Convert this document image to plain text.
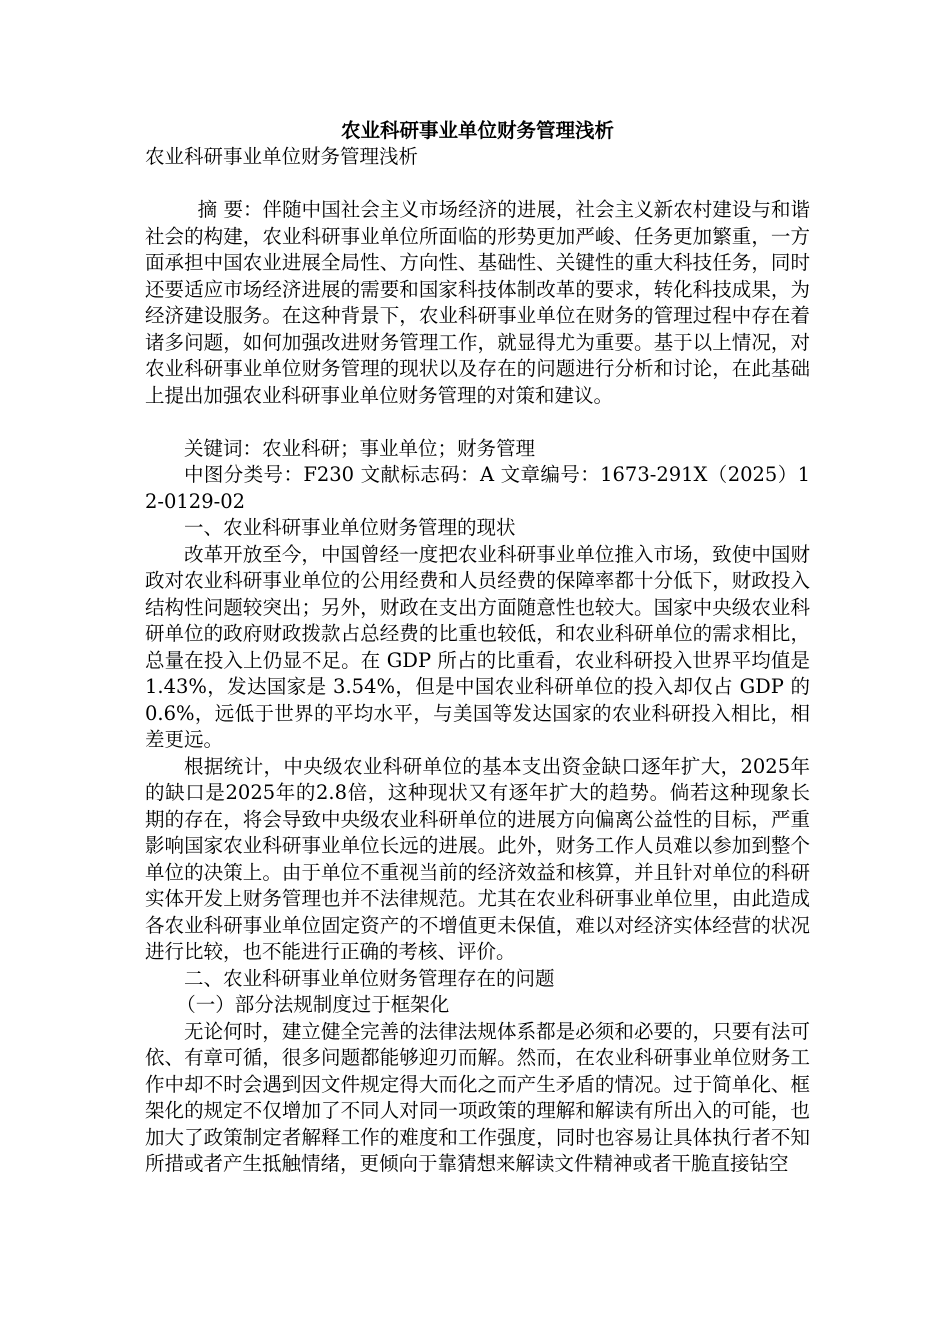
农业科研事业单位财务管理浅析

农业科研事业单位财务管理浅析

摘 要：伴随中国社会主义市场经济的进展，社会主义新农村建设与和谐社会的构建，农业科研事业单位所面临的形势更加严峻、任务更加繁重，一方面承担中国农业进展全局性、方向性、基础性、关键性的重大科技任务，同时还要适应市场经济进展的需要和国家科技体制改革的要求，转化科技成果，为经济建设服务。在这种背景下，农业科研事业单位在财务的管理过程中存在着诸多问题，如何加强改进财务管理工作，就显得尤为重要。基于以上情况，对农业科研事业单位财务管理的现状以及存在的问题进行分析和讨论，在此基础上提出加强农业科研事业单位财务管理的对策和建议。

关键词：农业科研；事业单位；财务管理

中图分类号：F230 文献标志码：A 文章编号：1673-291X（2025）12-0129-02

一、农业科研事业单位财务管理的现状

改革开放至今，中国曾经一度把农业科研事业单位推入市场，致使中国财政对农业科研事业单位的公用经费和人员经费的保障率都十分低下，财政投入结构性问题较突出；另外，财政在支出方面随意性也较大。国家中央级农业科研单位的政府财政拨款占总经费的比重也较低，和农业科研单位的需求相比，总量在投入上仍显不足。在 GDP 所占的比重看，农业科研投入世界平均值是 1.43%，发达国家是 3.54%，但是中国农业科研单位的投入却仅占 GDP 的 0.6%，远低于世界的平均水平，与美国等发达国家的农业科研投入相比，相差更远。

根据统计，中央级农业科研单位的基本支出资金缺口逐年扩大，2025年的缺口是2025年的2.8倍，这种现状又有逐年扩大的趋势。倘若这种现象长期的存在，将会导致中央级农业科研单位的进展方向偏离公益性的目标，严重影响国家农业科研事业单位长远的进展。此外，财务工作人员难以参加到整个单位的决策上。由于单位不重视当前的经济效益和核算，并且针对单位的科研实体开发上财务管理也并不法律规范。尤其在农业科研事业单位里，由此造成各农业科研事业单位固定资产的不增值更未保值，难以对经济实体经营的状况进行比较，也不能进行正确的考核、评价。

二、农业科研事业单位财务管理存在的问题

（一）部分法规制度过于框架化

无论何时，建立健全完善的法律法规体系都是必须和必要的，只要有法可依、有章可循，很多问题都能够迎刃而解。然而，在农业科研事业单位财务工作中却不时会遇到因文件规定得大而化之而产生矛盾的情况。过于简单化、框架化的规定不仅增加了不同人对同一项政策的理解和解读有所出入的可能，也加大了政策制定者解释工作的难度和工作强度，同时也容易让具体执行者不知所措或者产生抵触情绪，更倾向于靠猜想来解读文件精神或者干脆直接钻空
